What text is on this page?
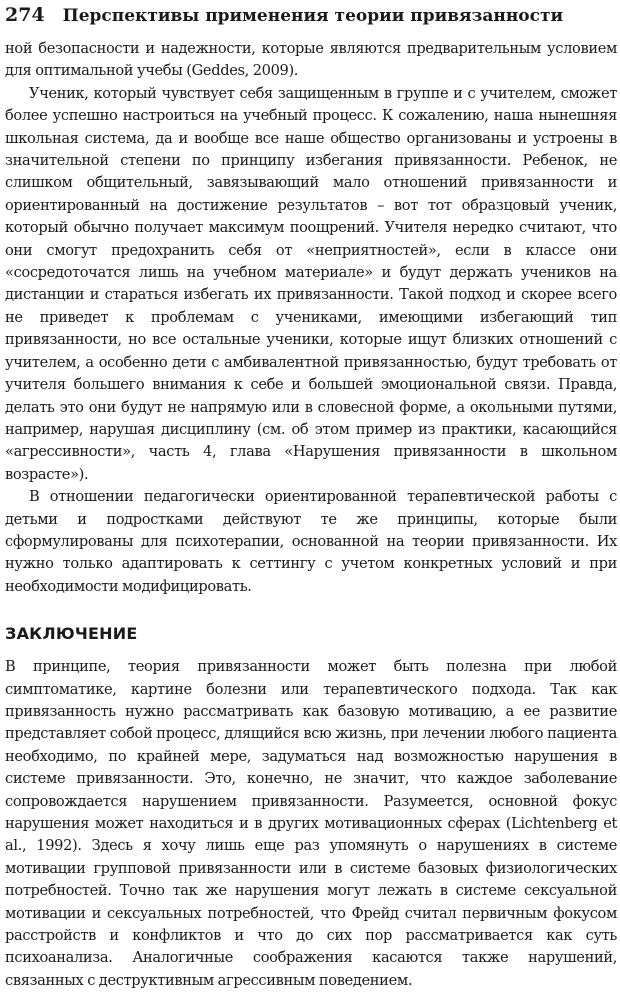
274 Перспективы применения теории привязанности

ной безопасности и надежности, которые являются предварительным условием для оптимальной учебы (Geddes, 2009).

Ученик, который чувствует себя защищенным в группе и с учителем, сможет более успешно настроиться на учебный процесс. К сожалению, наша нынешняя школьная система, да и вообще все наше общество организованы и устроены в значительной степени по принципу избегания привязанности. Ребенок, не слишком общительный, завязывающий мало отношений привязанности и ориентированный на достижение результатов – вот тот образцовый ученик, который обычно получает максимум поощрений. Учителя нередко считают, что они смогут предохранить себя от «неприятностей», если в классе они «сосредоточатся лишь на учебном материале» и будут держать учеников на дистанции и стараться избегать их привязанности. Такой подход и скорее всего не приведет к проблемам с учениками, имеющими избегающий тип привязанности, но все остальные ученики, которые ищут близких отношений с учителем, а особенно дети с амбивалентной привязанностью, будут требовать от учителя большего внимания к себе и большей эмоциональной связи. Правда, делать это они будут не напрямую или в словесной форме, а окольными путями, например, нарушая дисциплину (см. об этом пример из практики, касающийся «агрессивности», часть 4, глава «Нарушения привязанности в школьном возрасте»).

В отношении педагогически ориентированной терапевтической работы с детьми и подростками действуют те же принципы, которые были сформулированы для психотерапии, основанной на теории привязанности. Их нужно только адаптировать к сеттингу с учетом конкретных условий и при необходимости модифицировать.

ЗАКЛЮЧЕНИЕ

В принципе, теория привязанности может быть полезна при любой симптоматике, картине болезни или терапевтического подхода. Так как привязанность нужно рассматривать как базовую мотивацию, а ее развитие представляет собой процесс, длящийся всю жизнь, при лечении любого пациента необходимо, по крайней мере, задуматься над возможностью нарушения в системе привязанности. Это, конечно, не значит, что каждое заболевание сопровождается нарушением привязанности. Разумеется, основной фокус нарушения может находиться и в других мотивационных сферах (Lichtenberg et al., 1992). Здесь я хочу лишь еще раз упомянуть о нарушениях в системе мотивации групповой привязанности или в системе базовых физиологических потребностей. Точно так же нарушения могут лежать в системе сексуальной мотивации и сексуальных потребностей, что Фрейд считал первичным фокусом расстройств и конфликтов и что до сих пор рассматривается как суть психоанализа. Аналогичные соображения касаются также нарушений, связанных с деструктивным агрессивным поведением.
